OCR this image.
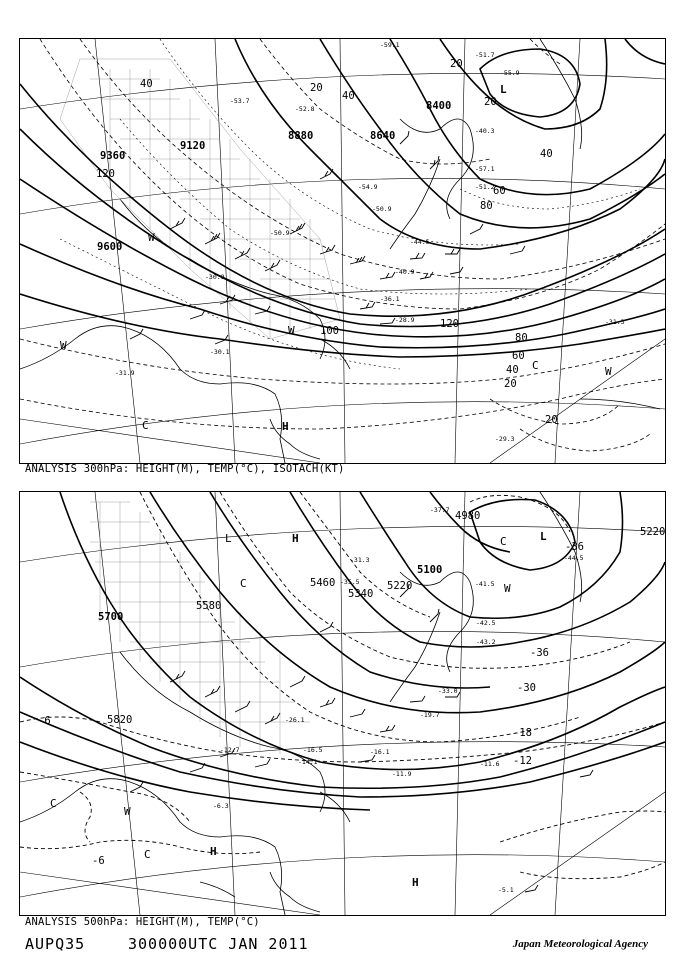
9600
9360
9120
8880	8640
8400
120
100
80
60
40
20
40	20
120
80
60
40
40
20
20
20
-31.3
-30.1
-31.9
-29.3
-28.9
-30.9
-40.9
-36.1
-44.5
-50.9
-53.7
-52.8
-54.9	-51.2
-40.3
-57.1
-55.9
-51.7
-50.9
-59.1
L
H
C
W
W
W
W
C
ANALYSIS 300hPa: HEIGHT(M), TEMP(°C), ISOTACH(KT)
5700
5580
5460
5340
5220
5100
4980
5820
5220
-6
-6
-12
-18
-30
-36
-36
-11.9
-14.1
-16.5
-12.7	-16.1
-19.7
-26.1
-33.0
-41.5
-42.5
-43.2
-44.5
-31.3
-35.5
-37.7
-11.6
-5.1
-6.3
L	H
C
W
C
W
C	H
H
L
C
ANALYSIS 500hPa: HEIGHT(M), TEMP(°C)
AUPQ35	300000UTC JAN 2011	Japan Meteorological Agency
